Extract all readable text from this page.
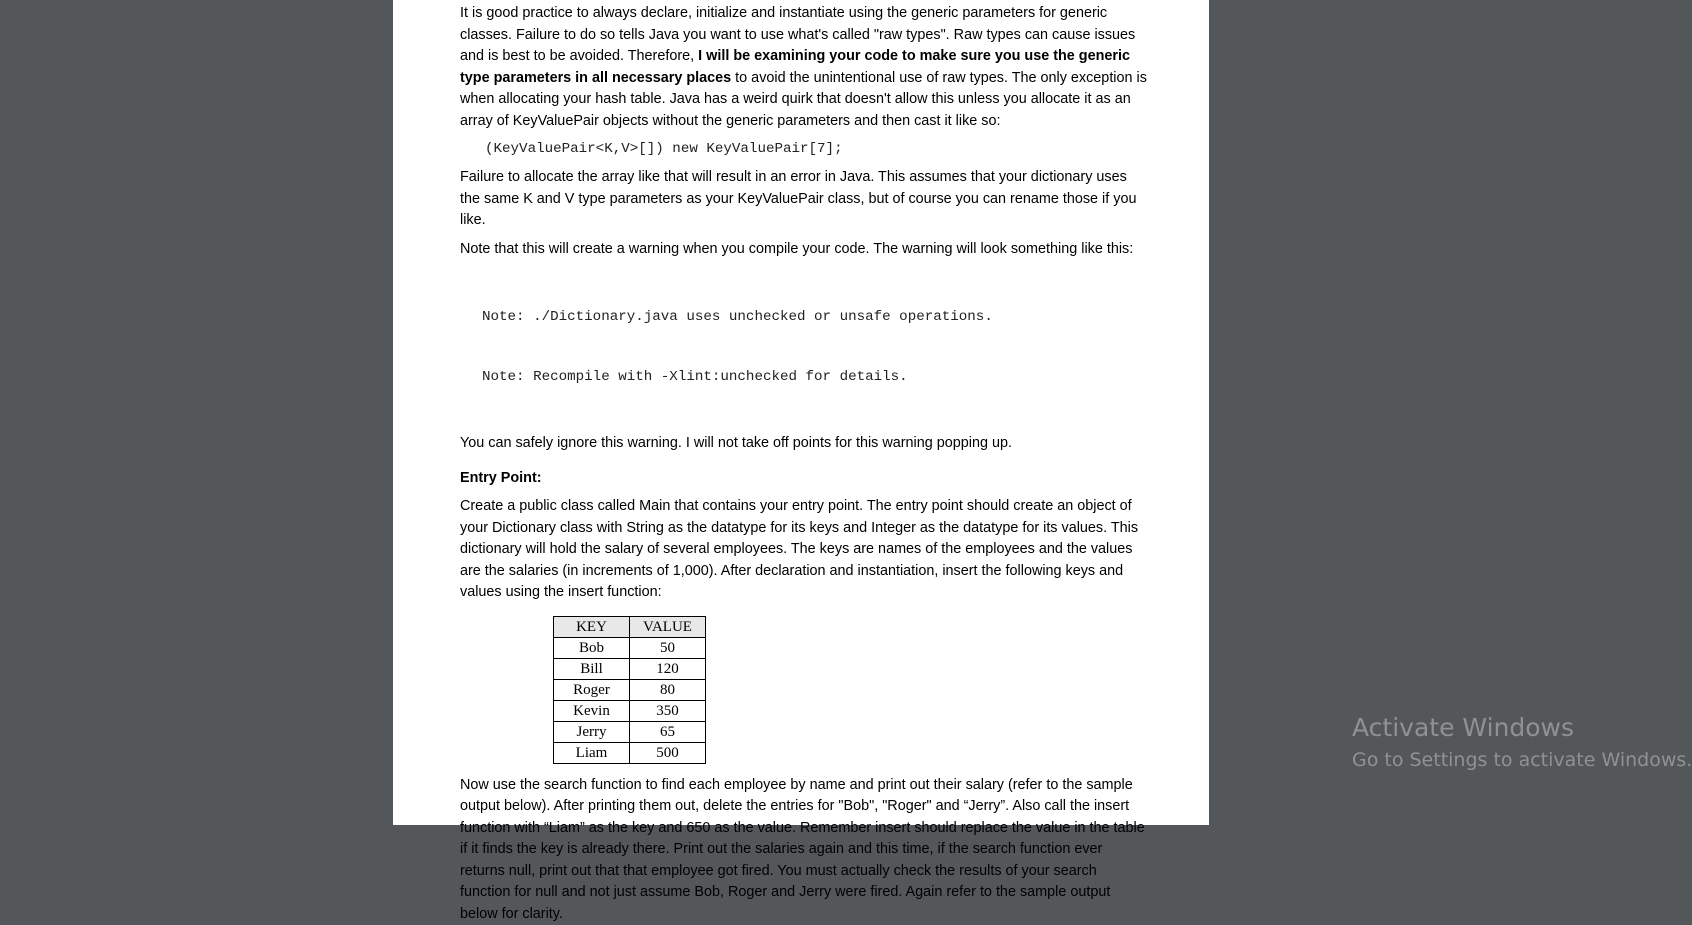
It is good practice to always declare, initialize and instantiate using the generic parameters for generic classes. Failure to do so tells Java you want to use what's called "raw types". Raw types can cause issues and is best to be avoided. Therefore, I will be examining your code to make sure you use the generic type parameters in all necessary places to avoid the unintentional use of raw types. The only exception is when allocating your hash table. Java has a weird quirk that doesn't allow this unless you allocate it as an array of KeyValuePair objects without the generic parameters and then cast it like so:

(KeyValuePair<K,V>[]) new KeyValuePair[7];

Failure to allocate the array like that will result in an error in Java. This assumes that your dictionary uses the same K and V type parameters as your KeyValuePair class, but of course you can rename those if you like.

Note that this will create a warning when you compile your code. The warning will look something like this:

Note: ./Dictionary.java uses unchecked or unsafe operations.

Note: Recompile with -Xlint:unchecked for details.

You can safely ignore this warning. I will not take off points for this warning popping up.

Entry Point:

Create a public class called Main that contains your entry point. The entry point should create an object of your Dictionary class with String as the datatype for its keys and Integer as the datatype for its values. This dictionary will hold the salary of several employees. The keys are names of the employees and the values are the salaries (in increments of 1,000). After declaration and instantiation, insert the following keys and values using the insert function:

KEY	VALUE
Bob	50
Bill	120
Roger	80
Kevin	350
Jerry	65
Liam	500

Now use the search function to find each employee by name and print out their salary (refer to the sample output below). After printing them out, delete the entries for "Bob", "Roger" and “Jerry”. Also call the insert function with “Liam” as the key and 650 as the value. Remember insert should replace the value in the table if it finds the key is already there. Print out the salaries again and this time, if the search function ever returns null, print out that that employee got fired. You must actually check the results of your search function for null and not just assume Bob, Roger and Jerry were fired. Again refer to the sample output below for clarity.

Activate Windows
Go to Settings to activate Windows.
